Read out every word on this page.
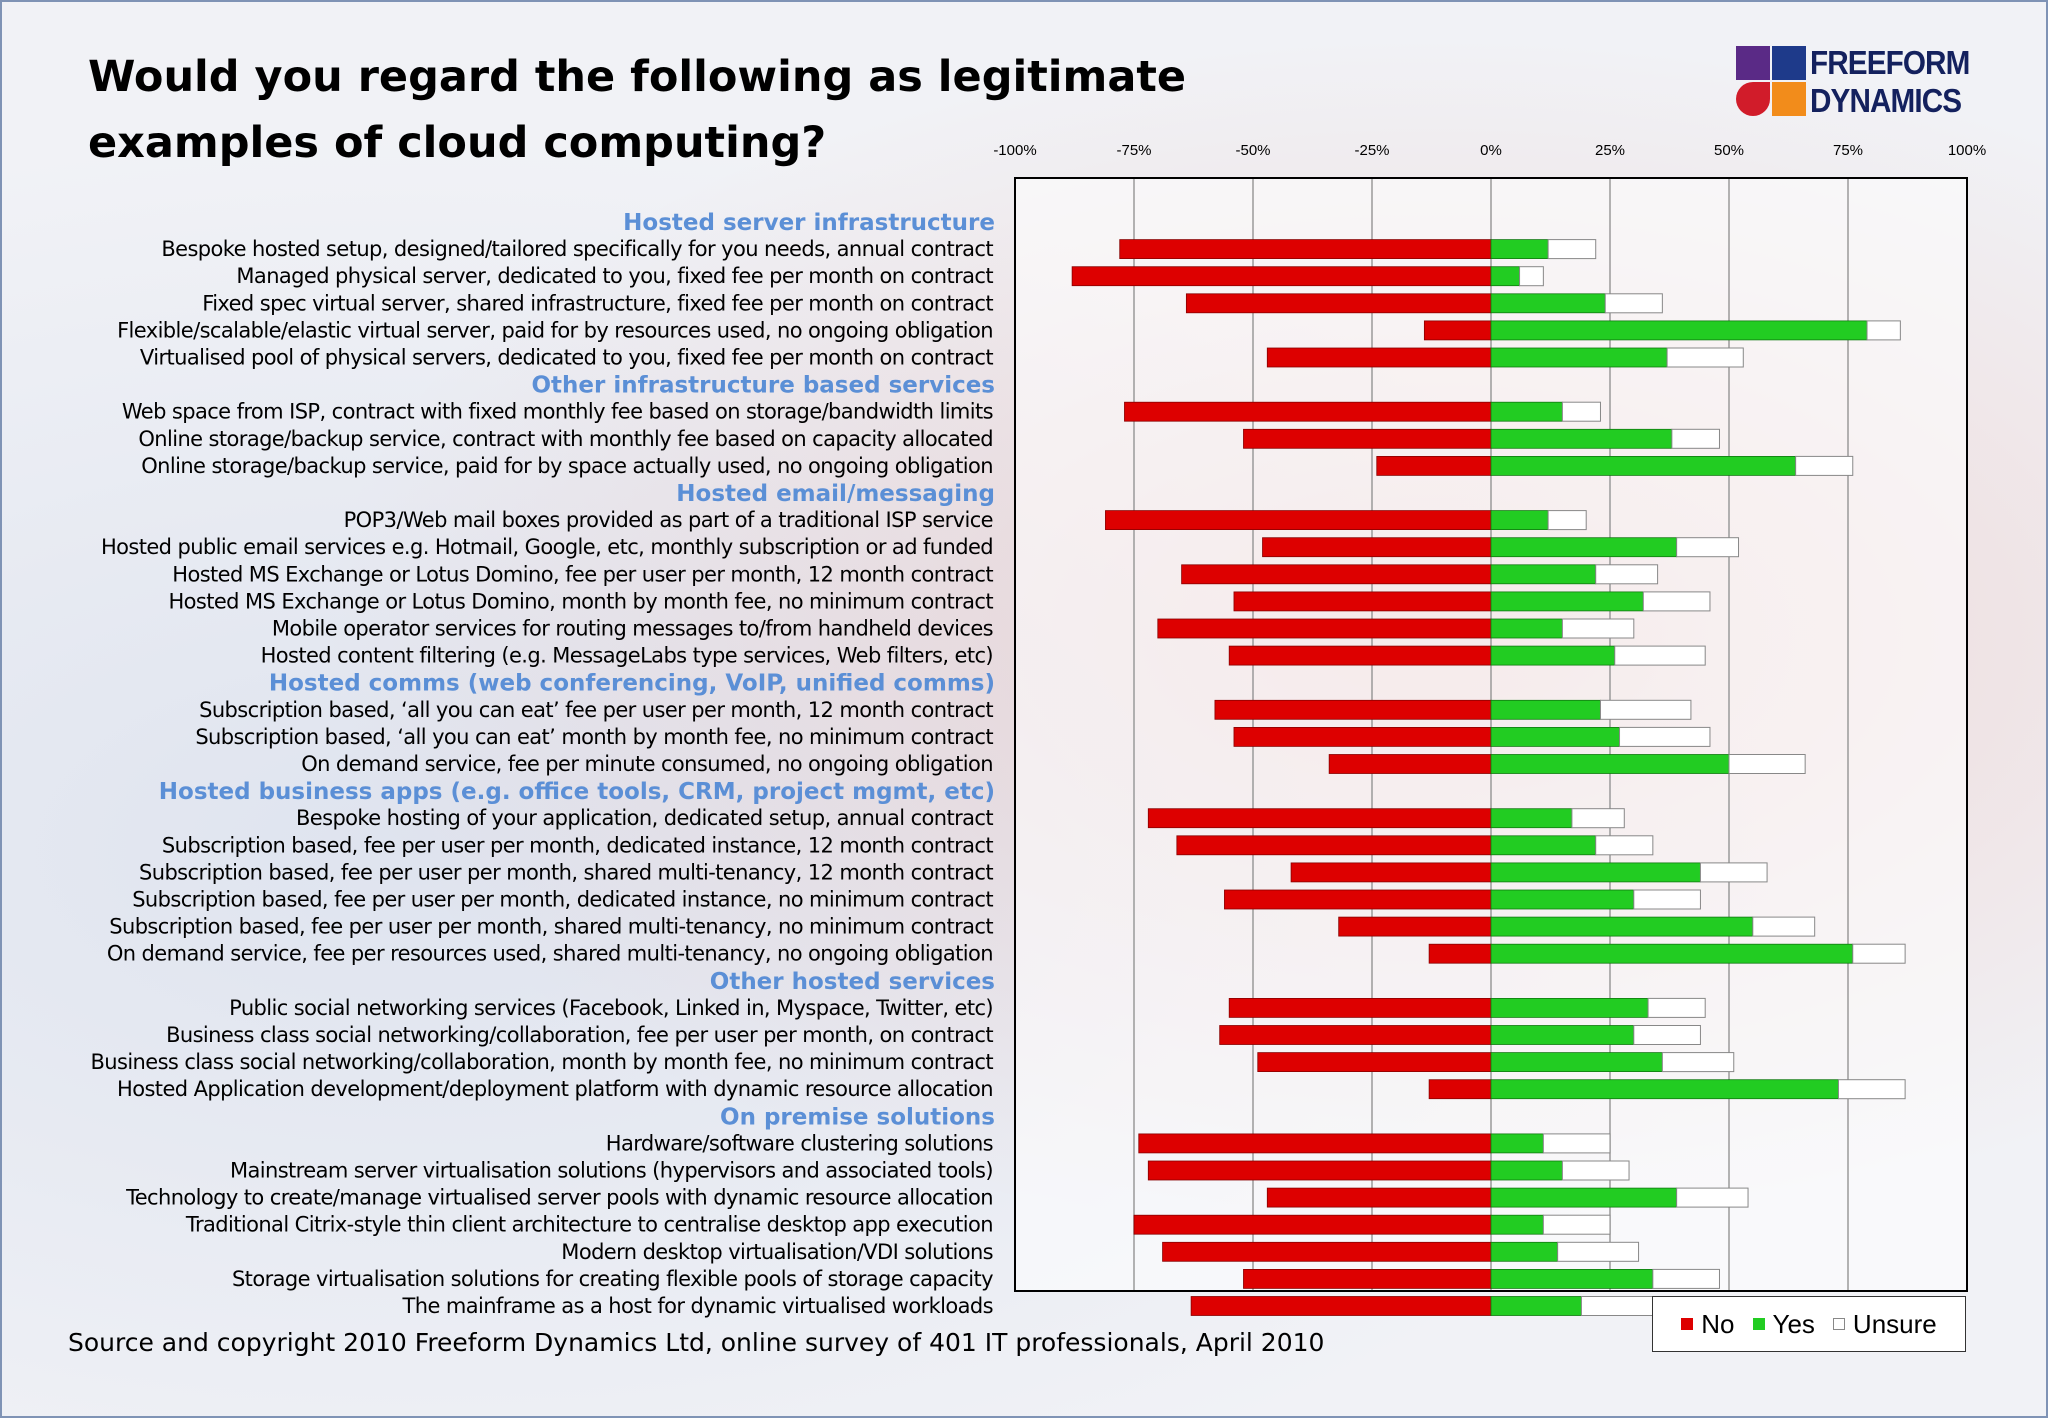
Would you regard the following as legitimate examples of cloud computing?
FREEFORM
DYNAMICS
-100%	-75%	-50%	-25%	0%	25%	50%	75%	100%
Hosted server infrastructure
Bespoke hosted setup, designed/tailored specifically for you needs, annual contract
Managed physical server, dedicated to you, fixed fee per month on contract
Fixed spec virtual server, shared infrastructure, fixed fee per month on contract
Flexible/scalable/elastic virtual server, paid for by resources used, no ongoing obligation
Virtualised pool of physical servers, dedicated to you, fixed fee per month on contract
Other infrastructure based services
Web space from ISP, contract with fixed monthly fee based on storage/bandwidth limits
Online storage/backup service, contract with monthly fee based on capacity allocated
Online storage/backup service, paid for by space actually used, no ongoing obligation
Hosted email/messaging
POP3/Web mail boxes provided as part of a traditional ISP service
Hosted public email services e.g. Hotmail, Google, etc, monthly subscription or ad funded
Hosted MS Exchange or Lotus Domino, fee per user per month, 12 month contract
Hosted MS Exchange or Lotus Domino, month by month fee, no minimum contract
Mobile operator services for routing messages to/from handheld devices
Hosted content filtering (e.g. MessageLabs type services, Web filters, etc)
Hosted comms (web conferencing, VoIP, unified comms)
Subscription based, ‘all you can eat’ fee per user per month, 12 month contract
Subscription based, ‘all you can eat’ month by month fee, no minimum contract
On demand service, fee per minute consumed, no ongoing obligation
Hosted business apps (e.g. office tools, CRM, project mgmt, etc)
Bespoke hosting of your application, dedicated setup, annual contract
Subscription based, fee per user per month, dedicated instance, 12 month contract
Subscription based, fee per user per month, shared multi-tenancy, 12 month contract
Subscription based, fee per user per month, dedicated instance, no minimum contract
Subscription based, fee per user per month, shared multi-tenancy, no minimum contract
On demand service, fee per resources used, shared multi-tenancy, no ongoing obligation
Other hosted services
Public social networking services (Facebook, Linked in, Myspace, Twitter, etc)
Business class social networking/collaboration, fee per user per month, on contract
Business class social networking/collaboration, month by month fee, no minimum contract
Hosted Application development/deployment platform with dynamic resource allocation
On premise solutions
Hardware/software clustering solutions
Mainstream server virtualisation solutions (hypervisors and associated tools)
Technology to create/manage virtualised server pools with dynamic resource allocation
Traditional Citrix-style thin client architecture to centralise desktop app execution
Modern desktop virtualisation/VDI solutions
Storage virtualisation solutions for creating flexible pools of storage capacity
The mainframe as a host for dynamic virtualised workloads
No Yes Unsure
Source and copyright 2010 Freeform Dynamics Ltd, online survey of 401 IT professionals, April 2010
